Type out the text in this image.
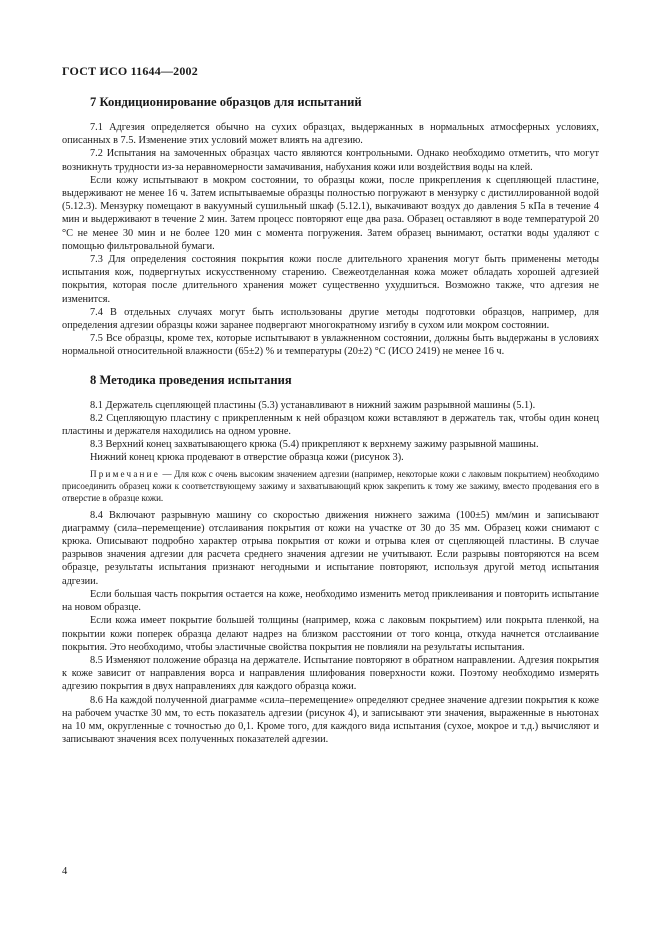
ГОСТ ИСО 11644—2002
7 Кондиционирование образцов для испытаний

7.1 Адгезия определяется обычно на сухих образцах, выдержанных в нормальных атмосферных условиях, описанных в 7.5. Изменение этих условий может влиять на адгезию.

7.2 Испытания на замоченных образцах часто являются контрольными. Однако необходимо отметить, что могут возникнуть трудности из-за неравномерности замачивания, набухания кожи или воздействия воды на клей.

Если кожу испытывают в мокром состоянии, то образцы кожи, после прикрепления к сцепляющей пластине, выдерживают не менее 16 ч. Затем испытываемые образцы полностью погружают в мензурку с дистиллированной водой (5.12.3). Мензурку помещают в вакуумный сушильный шкаф (5.12.1), выкачивают воздух до давления 5 кПа в течение 4 мин и выдерживают в течение 2 мин. Затем процесс повторяют еще два раза. Образец оставляют в воде температурой 20 °С не менее 30 мин и не более 120 мин с момента погружения. Затем образец вынимают, остатки воды удаляют с помощью фильтровальной бумаги.

7.3 Для определения состояния покрытия кожи после длительного хранения могут быть применены методы испытания кож, подвергнутых искусственному старению. Свежеотделанная кожа может обладать хорошей адгезией покрытия, которая после длительного хранения может существенно ухудшиться. Возможно также, что адгезия не изменится.

7.4 В отдельных случаях могут быть использованы другие методы подготовки образцов, например, для определения адгезии образцы кожи заранее подвергают многократному изгибу в сухом или мокром состоянии.

7.5 Все образцы, кроме тех, которые испытывают в увлажненном состоянии, должны быть выдержаны в условиях нормальной относительной влажности (65±2) % и температуры (20±2) °С (ИСО 2419) не менее 16 ч.

8 Методика проведения испытания

8.1 Держатель сцепляющей пластины (5.3) устанавливают в нижний зажим разрывной машины (5.1).

8.2 Сцепляющую пластину с прикрепленным к ней образцом кожи вставляют в держатель так, чтобы один конец пластины и держателя находились на одном уровне.

8.3 Верхний конец захватывающего крюка (5.4) прикрепляют к верхнему зажиму разрывной машины.

Нижний конец крюка продевают в отверстие образца кожи (рисунок 3).

Примечание — Для кож с очень высоким значением адгезии (например, некоторые кожи с лаковым покрытием) необходимо присоединить образец кожи к соответствующему зажиму и захватывающий крюк закрепить к тому же зажиму, вместо продевания его в отверстие в образце кожи.

8.4 Включают разрывную машину со скоростью движения нижнего зажима (100±5) мм/мин и записывают диаграмму (сила–перемещение) отслаивания покрытия от кожи на участке от 30 до 35 мм. Образец кожи снимают с крюка. Описывают подробно характер отрыва покрытия от кожи и отрыва клея от сцепляющей пластины. В случае разрывов значения адгезии для расчета среднего значения адгезии не учитывают. Если разрывы повторяются на всем образце, результаты испытания признают негодными и испытание повторяют, используя другой метод испытания адгезии.

Если большая часть покрытия остается на коже, необходимо изменить метод приклеивания и повторить испытание на новом образце.

Если кожа имеет покрытие большей толщины (например, кожа с лаковым покрытием) или покрыта пленкой, на покрытии кожи поперек образца делают надрез на близком расстоянии от того конца, откуда начнется отслаивание покрытия. Это необходимо, чтобы эластичные свойства покрытия не повлияли на результаты испытания.

8.5 Изменяют положение образца на держателе. Испытание повторяют в обратном направлении. Адгезия покрытия к коже зависит от направления ворса и направления шлифования поверхности кожи. Поэтому необходимо измерять адгезию покрытия в двух направлениях для каждого образца кожи.

8.6 На каждой полученной диаграмме «сила–перемещение» определяют среднее значение адгезии покрытия к коже на рабочем участке 30 мм, то есть показатель адгезии (рисунок 4), и записывают эти значения, выраженные в ньютонах на 10 мм, округленные с точностью до 0,1. Кроме того, для каждого вида испытания (сухое, мокрое и т.д.) вычисляют и записывают значения всех полученных показателей адгезии.

4
